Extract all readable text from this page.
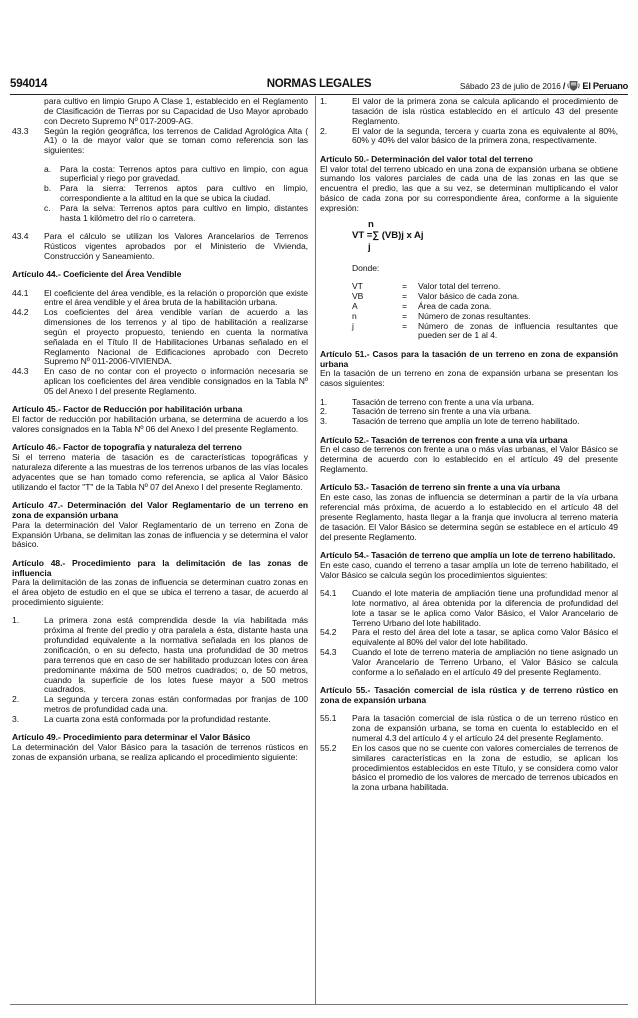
594014	NORMAS LEGALES	Sábado 23 de julio de 2016 / El Peruano

para cultivo en limpio Grupo A Clase 1, establecido en el Reglamento de Clasificación de Tierras por su Capacidad de Uso Mayor aprobado con Decreto Supremo Nº 017-2009-AG.

43.3	Según la región geográfica, los terrenos de Calidad Agrológica Alta ( A1) o la de mayor valor que se toman como referencia son las siguientes:
a.	Para la costa: Terrenos aptos para cultivo en limpio, con agua superficial y riego por gravedad.
b.	Para la sierra: Terrenos aptos para cultivo en limpio, correspondiente a la altitud en la que se ubica la ciudad.
c.	Para la selva: Terrenos aptos para cultivo en limpio, distantes hasta 1 kilómetro del río o carretera.
43.4	Para el cálculo se utilizan los Valores Arancelarios de Terrenos Rústicos vigentes aprobados por el Ministerio de Vivienda, Construcción y Saneamiento.
Artículo 44.- Coeficiente del Área Vendible
44.1	El coeficiente del área vendible, es la relación o proporción que existe entre el área vendible y el área bruta de la habilitación urbana.
44.2	Los coeficientes del área vendible varían de acuerdo a las dimensiones de los terrenos y al tipo de habilitación a realizarse según el proyecto propuesto, teniendo en cuenta la normativa señalada en el Título II de Habilitaciones Urbanas señalado en el Reglamento Nacional de Edificaciones aprobado con Decreto Supremo Nº 011-2006-VIVIENDA.
44.3	En caso de no contar con el proyecto o información necesaria se aplican los coeficientes del área vendible consignados en la Tabla Nº 05 del Anexo I del presente Reglamento.
Artículo 45.- Factor de Reducción por habilitación urbana

El factor de reducción por habilitación urbana, se determina de acuerdo a los valores consignados en la Tabla Nº 06 del Anexo I del presente Reglamento.

Artículo 46.- Factor de topografía y naturaleza del terreno

Si el terreno materia de tasación es de características topográficas y naturaleza diferente a las muestras de los terrenos urbanos de las vías locales adyacentes que se han tomado como referencia, se aplica al Valor Básico utilizando el factor "T" de la Tabla Nº 07 del Anexo I del presente Reglamento.

Artículo 47.- Determinación del Valor Reglamentario de un terreno en zona de expansión urbana

Para la determinación del Valor Reglamentario de un terreno en Zona de Expansión Urbana, se delimitan las zonas de influencia y se determina el valor básico.

Artículo 48.- Procedimiento para la delimitación de las zonas de influencia

Para la delimitación de las zonas de influencia se determinan cuatro zonas en el área objeto de estudio en el que se ubica el terreno a tasar, de acuerdo al procedimiento siguiente:

1.	La primera zona está comprendida desde la vía habilitada más próxima al frente del predio y otra paralela a ésta, distante hasta una profundidad equivalente a la normativa señalada en los planos de zonificación, o en su defecto, hasta una profundidad de 30 metros para terrenos que en caso de ser habilitado produzcan lotes con área predominante máxima de 500 metros cuadrados; o, de 50 metros, cuando la superficie de los lotes fuese mayor a 500 metros cuadrados.
2.	La segunda y tercera zonas están conformadas por franjas de 100 metros de profundidad cada una.
3.	La cuarta zona está conformada por la profundidad restante.
Artículo 49.- Procedimiento para determinar el Valor Básico

La determinación del Valor Básico para la tasación de terrenos rústicos en zonas de expansión urbana, se realiza aplicando el procedimiento siguiente:

1.	El valor de la primera zona se calcula aplicando el procedimiento de tasación de isla rústica establecido en el artículo 43 del presente Reglamento.
2.	El valor de la segunda, tercera y cuarta zona es equivalente al 80%, 60% y 40% del valor básico de la primera zona, respectivamente.
Artículo 50.- Determinación del valor total del terreno

El valor total del terreno ubicado en una zona de expansión urbana se obtiene sumando los valores parciales de cada una de las zonas en las que se encuentra el predio, las que a su vez, se determinan multiplicando el valor básico de cada zona por su correspondiente área, conforme a la siguiente expresión:

n
VT =∑ (VB)j x Aj
j
Donde:
VT	=	Valor total del terreno.
VB	=	Valor básico de cada zona.
A	=	Área de cada zona.
n	=	Número de zonas resultantes.
j	=	Número de zonas de influencia resultantes que pueden ser de 1 al 4.
Artículo 51.- Casos para la tasación de un terreno en zona de expansión urbana

En la tasación de un terreno en zona de expansión urbana se presentan los casos siguientes:

1.	Tasación de terreno con frente a una vía urbana.
2.	Tasación de terreno sin frente a una vía urbana.
3.	Tasación de terreno que amplía un lote de terreno habilitado.
Artículo 52.- Tasación de terrenos con frente a una vía urbana

En el caso de terrenos con frente a una o más vías urbanas, el Valor Básico se determina de acuerdo con lo establecido en el artículo 49 del presente Reglamento.

Artículo 53.- Tasación de terreno sin frente a una vía urbana

En este caso, las zonas de influencia se determinan a partir de la vía urbana referencial más próxima, de acuerdo a lo establecido en el artículo 48 del presente Reglamento, hasta llegar a la franja que involucra al terreno materia de tasación. El Valor Básico se determina según se establece en el artículo 49 del presente Reglamento.

Artículo 54.- Tasación de terreno que amplía un lote de terreno habilitado.

En este caso, cuando el terreno a tasar amplía un lote de terreno habilitado, el Valor Básico se calcula según los procedimientos siguientes:

54.1	Cuando el lote materia de ampliación tiene una profundidad menor al lote normativo, al área obtenida por la diferencia de profundidad del lote a tasar se le aplica como Valor Básico, el Valor Arancelario de Terreno Urbano del lote habilitado.
54.2	Para el resto del área del lote a tasar, se aplica como Valor Básico el equivalente al 80% del valor del lote habilitado.
54.3	Cuando el lote de terreno materia de ampliación no tiene asignado un Valor Arancelario de Terreno Urbano, el Valor Básico se calcula conforme a lo señalado en el artículo 49 del presente Reglamento.
Artículo 55.- Tasación comercial de isla rústica y de terreno rústico en zona de expansión urbana
55.1	Para la tasación comercial de isla rústica o de un terreno rústico en zona de expansión urbana, se toma en cuenta lo establecido en el numeral 4.3 del artículo 4 y el artículo 24 del presente Reglamento.
55.2	En los casos que no se cuente con valores comerciales de terrenos de similares características en la zona de estudio, se aplican los procedimientos establecidos en este Título, y se considera como valor básico el promedio de los valores de mercado de terrenos ubicados en la zona urbana habilitada.
